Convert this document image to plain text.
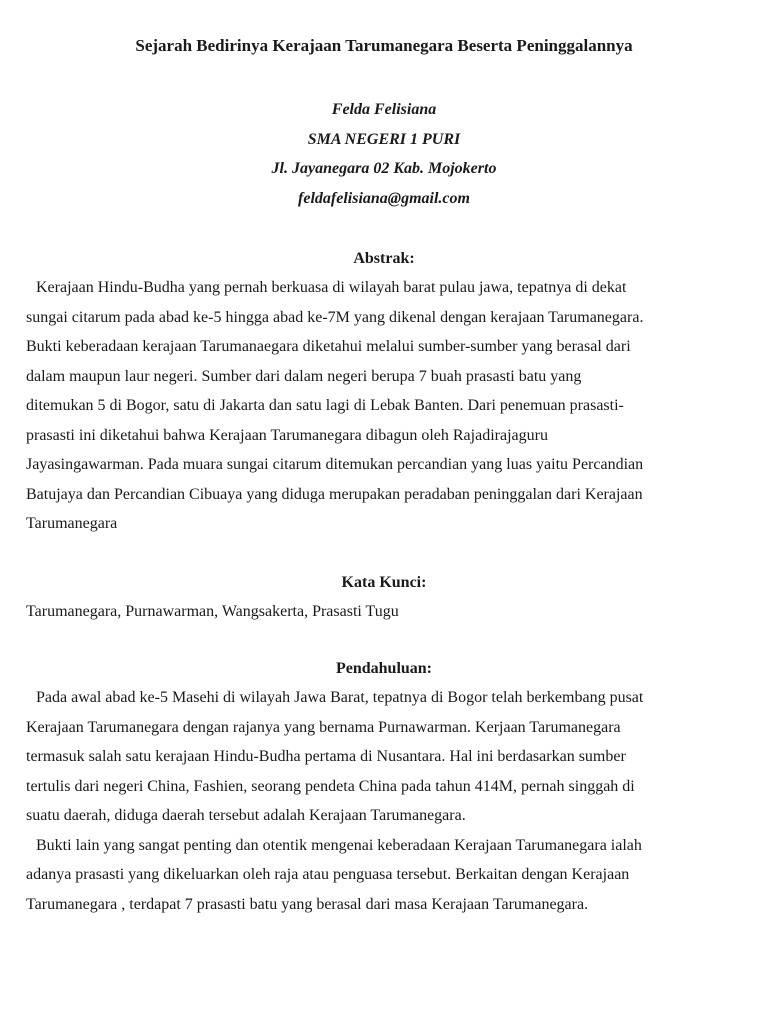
Sejarah Bedirinya Kerajaan Tarumanegara Beserta Peninggalannya
Felda Felisiana
SMA NEGERI 1 PURI
Jl. Jayanegara 02 Kab. Mojokerto
feldafelisiana@gmail.com
Abstrak:

Kerajaan Hindu-Budha yang pernah berkuasa di wilayah barat pulau jawa, tepatnya di dekat
sungai citarum pada abad ke-5 hingga abad ke-7M yang dikenal dengan kerajaan Tarumanegara.
Bukti keberadaan kerajaan Tarumanaegara diketahui melalui sumber-sumber yang berasal dari
dalam maupun laur negeri. Sumber dari dalam negeri berupa 7 buah prasasti batu yang
ditemukan 5 di Bogor, satu di Jakarta dan satu lagi di Lebak Banten. Dari penemuan prasasti-
prasasti ini diketahui bahwa Kerajaan Tarumanegara dibagun oleh Rajadirajaguru
Jayasingawarman. Pada muara sungai citarum ditemukan percandian yang luas yaitu Percandian
Batujaya dan Percandian Cibuaya yang diduga merupakan peradaban peninggalan dari Kerajaan
Tarumanegara

Kata Kunci:

Tarumanegara, Purnawarman, Wangsakerta, Prasasti Tugu

Pendahuluan:

Pada awal abad ke-5 Masehi di wilayah Jawa Barat, tepatnya di Bogor telah berkembang pusat
Kerajaan Tarumanegara dengan rajanya yang bernama Purnawarman. Kerjaan Tarumanegara
termasuk salah satu kerajaan Hindu-Budha pertama di Nusantara. Hal ini berdasarkan sumber
tertulis dari negeri China, Fashien, seorang pendeta China pada tahun 414M, pernah singgah di
suatu daerah, diduga daerah tersebut adalah Kerajaan Tarumanegara.
Bukti lain yang sangat penting dan otentik mengenai keberadaan Kerajaan Tarumanegara ialah
adanya prasasti yang dikeluarkan oleh raja atau penguasa tersebut. Berkaitan dengan Kerajaan
Tarumanegara , terdapat 7 prasasti batu yang berasal dari masa Kerajaan Tarumanegara.
